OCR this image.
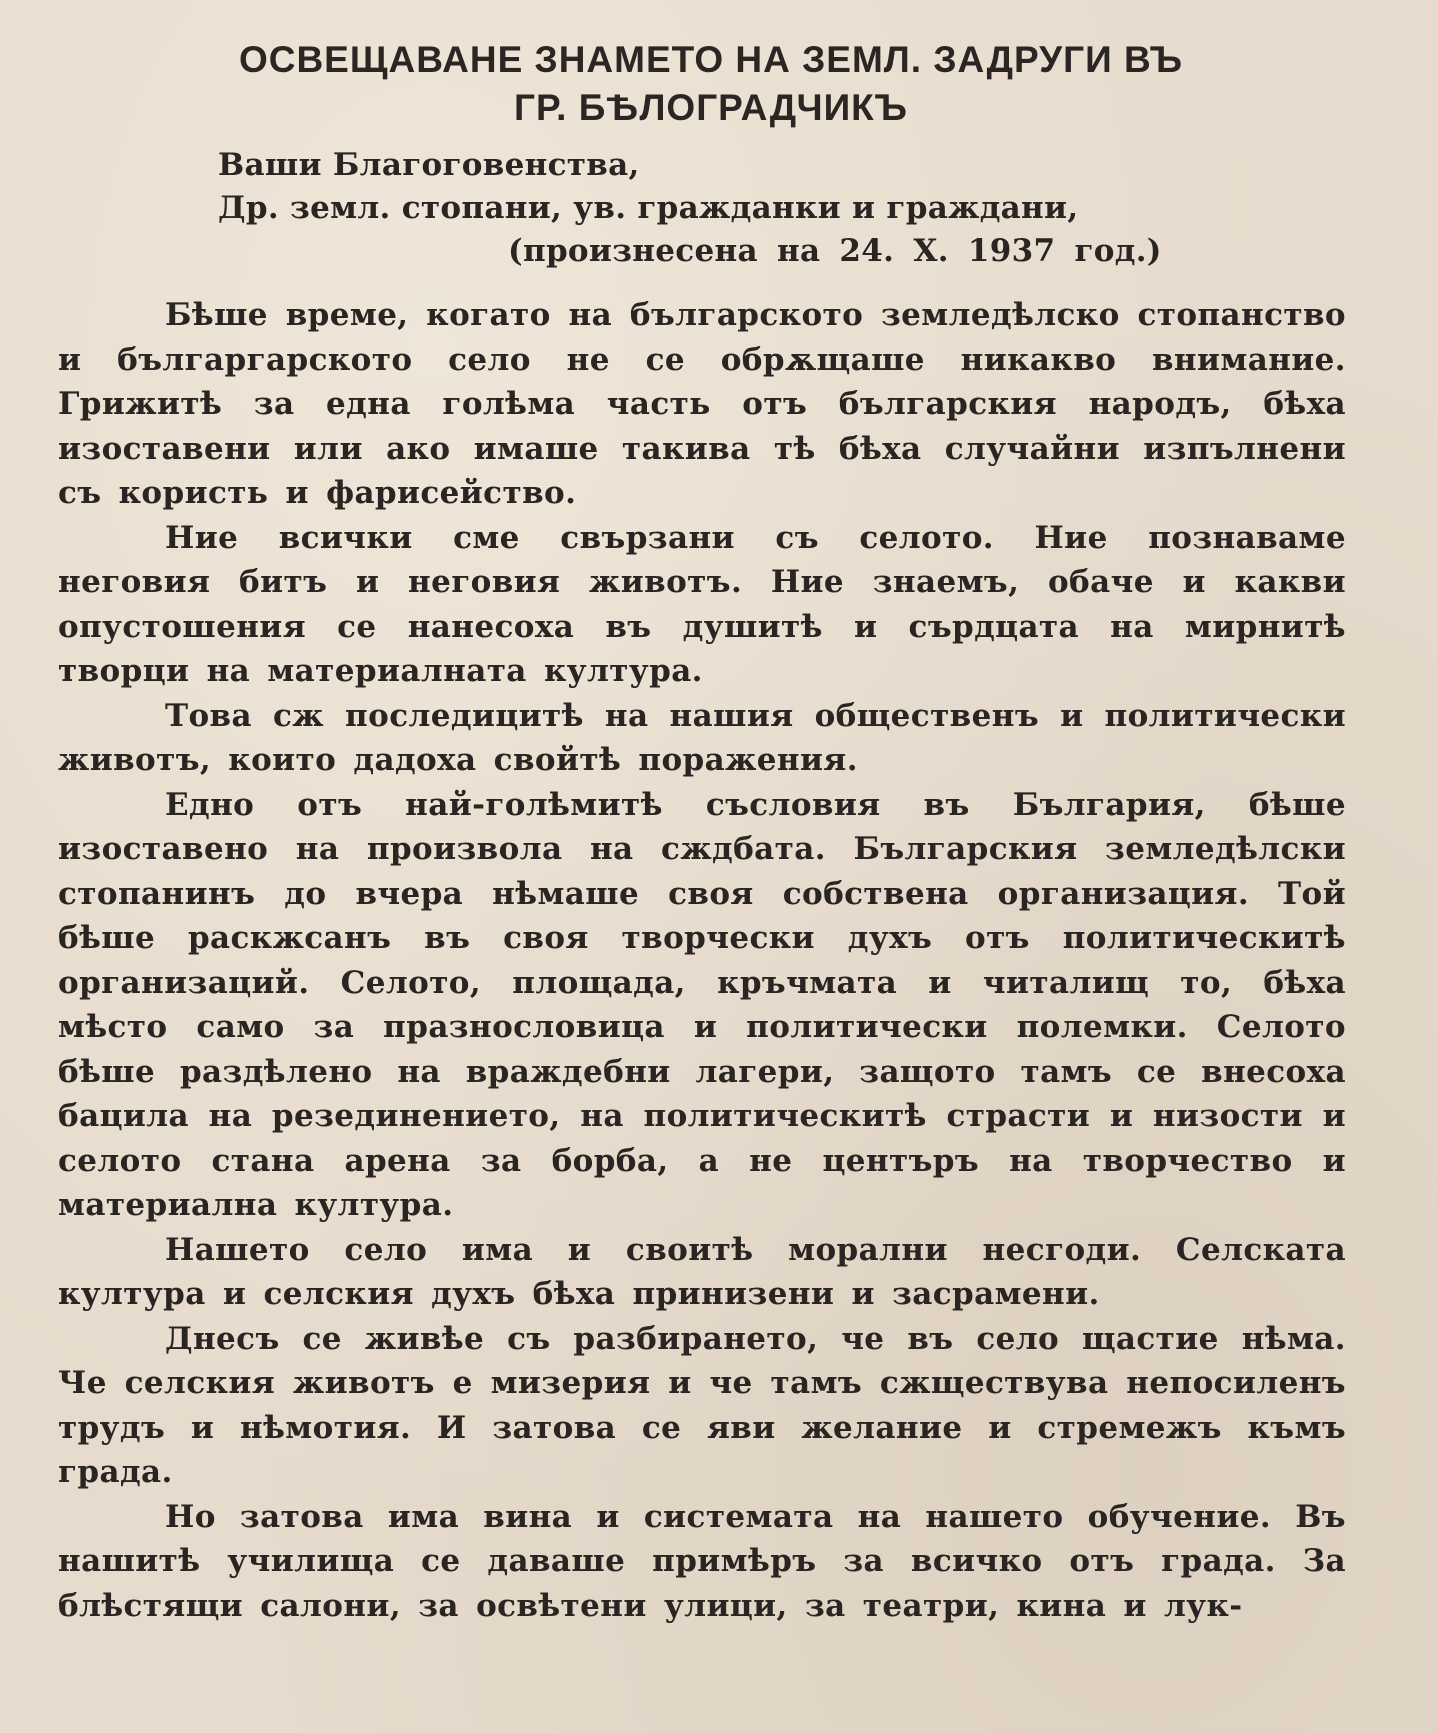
ОСВЕЩАВАНЕ ЗНАМЕТО НА ЗЕМЛ. ЗАДРУГИ ВЪ
ГР. БѢЛОГРАДЧИКЪ
Ваши Благоговенства,
Др. земл. стопани, ув. гражданки и граждани,
(произнесена на 24. X. 1937 год.)

Бѣше време, когато на българското земледѣлско стопанство и българгарското село не се обрѫщаше никакво внимание. Грижитѣ за една голѣма часть отъ българския народъ, бѣха изоставени или ако имаше такива тѣ бѣха случайни изпълнени съ користь и фарисейство.

Ние всички сме свързани съ селото. Ние познаваме неговия битъ и неговия животъ. Ние знаемъ, обаче и какви опустошения се нанесоха въ душитѣ и сърдцата на мирнитѣ творци на материалната култура.

Това сж последицитѣ на нашия общественъ и политически животъ, които дадоха свойтѣ поражения.

Едно отъ най-голѣмитѣ съсловия въ България, бѣше изоставено на произвола на сждбата. Българския земледѣлски стопанинъ до вчера нѣмаше своя собствена организация. Той бѣше раскжсанъ въ своя творчески духъ отъ политическитѣ организаций. Селото, площада, кръчмата и читалищ то, бѣха мѣсто само за празнословица и политически полемки. Селото бѣше раздѣлено на враждебни лагери, защото тамъ се внесоха бацила на резединението, на политическитѣ страсти и низости и селото стана арена за борба, а не центъръ на творчество и материална култура.

Нашето село има и своитѣ морални несгоди. Селската култура и селския духъ бѣха принизени и засрамени.

Днесъ се живѣе съ разбирането, че въ село щастие нѣма. Че селския животъ е мизерия и че тамъ сжществува непосиленъ трудъ и нѣмотия. И затова се яви желание и стремежъ къмъ града.

Но затова има вина и системата на нашето обучение. Въ нашитѣ училища се даваше примѣръ за всичко отъ града. За блѣстящи салони, за освѣтени улици, за театри, кина и лук-
